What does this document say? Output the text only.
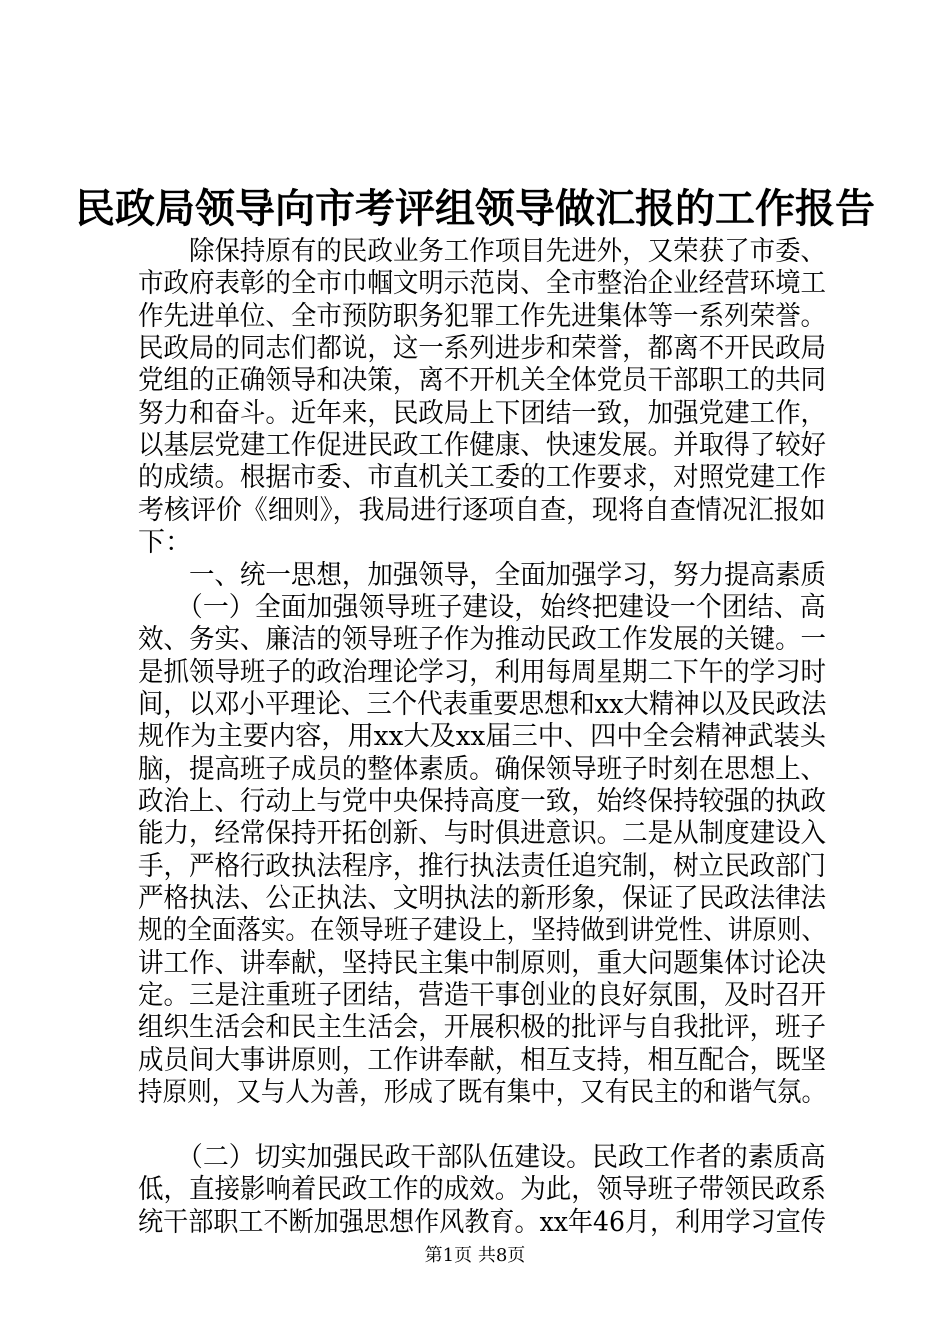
民政局领导向市考评组领导做汇报的工作报告
　　除保持原有的民政业务工作项目先进外，又荣获了市委、
市政府表彰的全市巾帼文明示范岗、全市整治企业经营环境工
作先进单位、全市预防职务犯罪工作先进集体等一系列荣誉。
民政局的同志们都说，这一系列进步和荣誉，都离不开民政局
党组的正确领导和决策，离不开机关全体党员干部职工的共同
努力和奋斗。近年来，民政局上下团结一致，加强党建工作，
以基层党建工作促进民政工作健康、快速发展。并取得了较好
的成绩。根据市委、市直机关工委的工作要求，对照党建工作
考核评价《细则》，我局进行逐项自查，现将自查情况汇报如
下：
　　一、统一思想，加强领导，全面加强学习，努力提高素质
　　（一）全面加强领导班子建设，始终把建设一个团结、高
效、务实、廉洁的领导班子作为推动民政工作发展的关键。一
是抓领导班子的政治理论学习，利用每周星期二下午的学习时
间，以邓小平理论、三个代表重要思想和xx大精神以及民政法
规作为主要内容，用xx大及xx届三中、四中全会精神武装头
脑，提高班子成员的整体素质。确保领导班子时刻在思想上、
政治上、行动上与党中央保持高度一致，始终保持较强的执政
能力，经常保持开拓创新、与时俱进意识。二是从制度建设入
手，严格行政执法程序，推行执法责任追究制，树立民政部门
严格执法、公正执法、文明执法的新形象，保证了民政法律法
规的全面落实。在领导班子建设上，坚持做到讲党性、讲原则、
讲工作、讲奉献，坚持民主集中制原则，重大问题集体讨论决
定。三是注重班子团结，营造干事创业的良好氛围，及时召开
组织生活会和民主生活会，开展积极的批评与自我批评，班子
成员间大事讲原则，工作讲奉献，相互支持，相互配合，既坚
持原则，又与人为善，形成了既有集中，又有民主的和谐气氛。
　　（二）切实加强民政干部队伍建设。民政工作者的素质高
低，直接影响着民政工作的成效。为此，领导班子带领民政系
统干部职工不断加强思想作风教育。xx年46月，利用学习宣传
第1页 共8页
